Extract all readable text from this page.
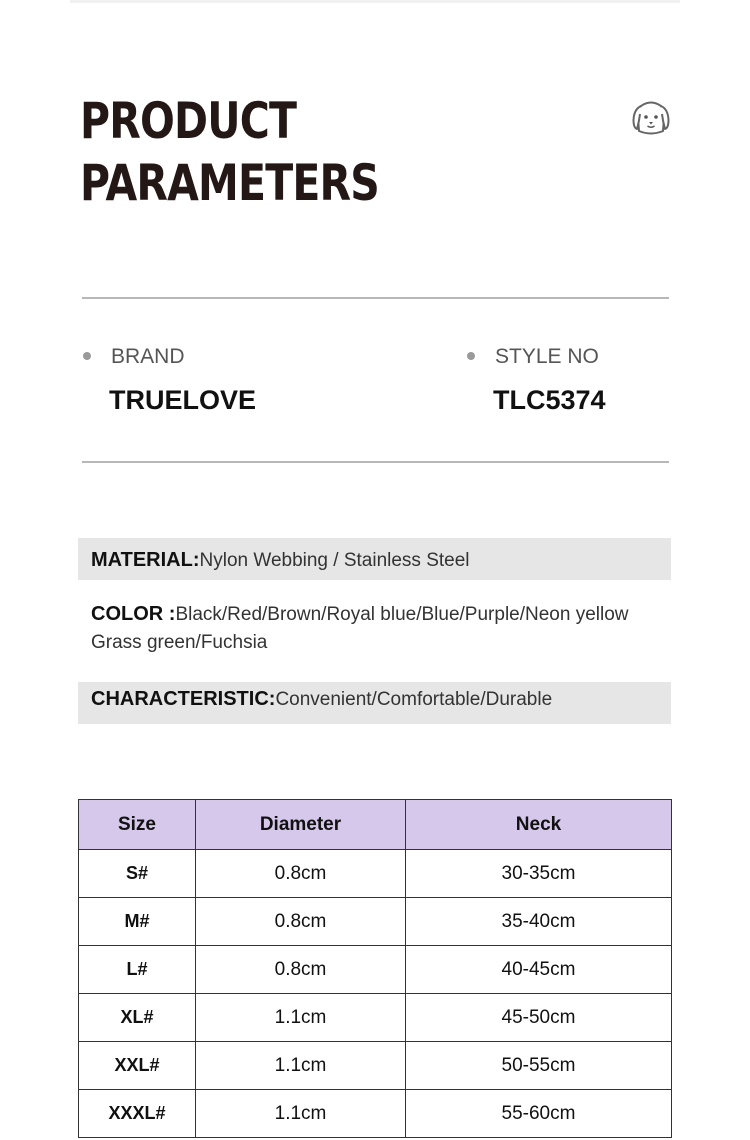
PRODUCT
PARAMETERS
BRAND
TRUELOVE
STYLE NO
TLC5374
MATERIAL:Nylon Webbing / Stainless Steel
COLOR :Black/Red/Brown/Royal blue/Blue/Purple/Neon yellow
Grass green/Fuchsia
CHARACTERISTIC:Convenient/Comfortable/Durable
Size	Diameter	Neck
S#	0.8cm	30-35cm
M#	0.8cm	35-40cm
L#	0.8cm	40-45cm
XL#	1.1cm	45-50cm
XXL#	1.1cm	50-55cm
XXXL#	1.1cm	55-60cm
